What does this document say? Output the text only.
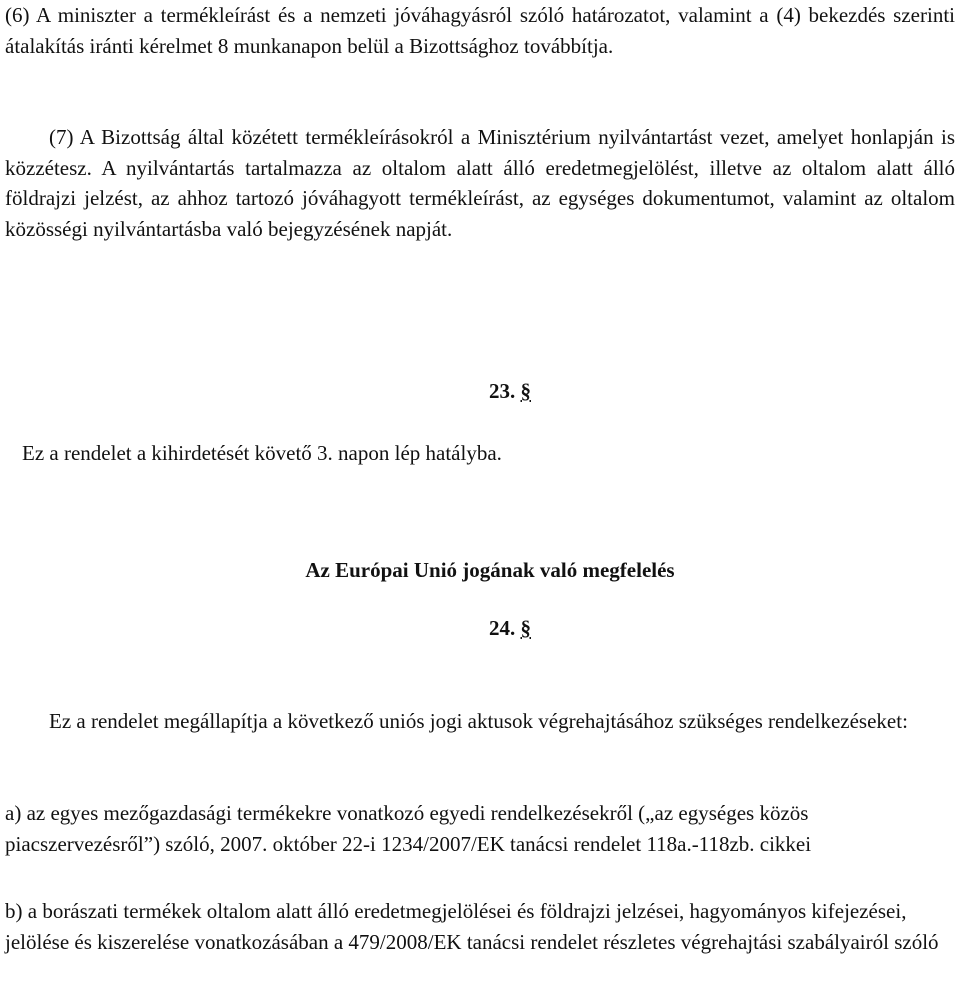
(6) A miniszter a termékleírást és a nemzeti jóváhagyásról szóló határozatot, valamint a (4) bekezdés szerinti átalakítás iránti kérelmet 8 munkanapon belül a Bizottsághoz továbbítja.

(7) A Bizottság által közétett termékleírásokról a Minisztérium nyilvántartást vezet, amelyet honlapján is közzétesz. A nyilvántartás tartalmazza az oltalom alatt álló eredetmegjelölést, illetve az oltalom alatt álló földrajzi jelzést, az ahhoz tartozó jóváhagyott termékleírást, az egységes dokumentumot, valamint az oltalom közösségi nyilvántartásba való bejegyzésének napját.

23. §
Ez a rendelet a kihirdetését követő 3. napon lép hatályba.
Az Európai Unió jogának való megfelelés
24. §

Ez a rendelet megállapítja a következő uniós jogi aktusok végrehajtásához szükséges rendelkezéseket:

a) az egyes mezőgazdasági termékekre vonatkozó egyedi rendelkezésekről („az egységes közös piacszervezésről”) szóló, 2007. október 22-i 1234/2007/EK tanácsi rendelet 118a.-118zb. cikkei

b) a borászati termékek oltalom alatt álló eredetmegjelölései és földrajzi jelzései, hagyományos kifejezései, jelölése és kiszerelése vonatkozásában a 479/2008/EK tanácsi rendelet részletes végrehajtási szabályairól szóló
